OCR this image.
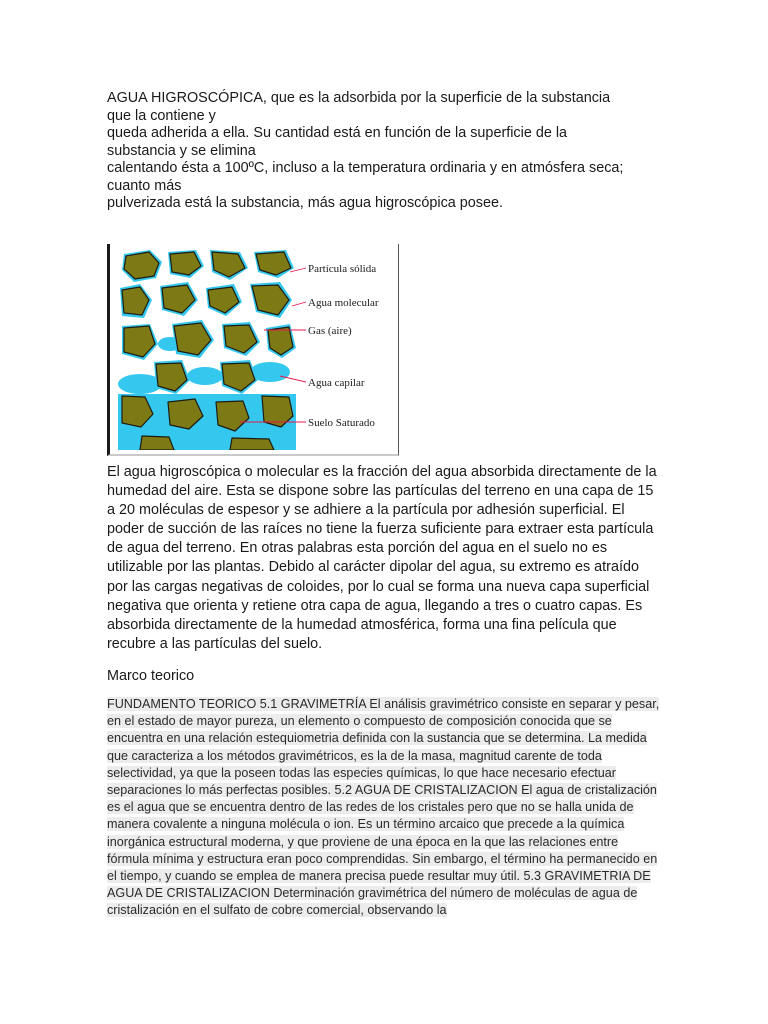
AGUA HIGROSCÓPICA, que es la adsorbida por la superficie de la substancia
que la contiene y
queda adherida a ella. Su cantidad está en función de la superficie de la
substancia y se elimina
calentando ésta a 100ºC, incluso a la temperatura ordinaria y en atmósfera seca;
cuanto más
pulverizada está la substancia, más agua higroscópica posee.

Partícula sólida
Agua molecular
Gas (aire)
Agua capilar
Suelo Saturado

El agua higroscópica o molecular es la fracción del agua absorbida directamente de la humedad del aire. Esta se dispone sobre las partículas del terreno en una capa de 15 a 20 moléculas de espesor y se adhiere a la partícula por adhesión superficial. El poder de succión de las raíces no tiene la fuerza suficiente para extraer esta partícula de agua del terreno. En otras palabras esta porción del agua en el suelo no es utilizable por las plantas. Debido al carácter dipolar del agua, su extremo es atraído por las cargas negativas de coloides, por lo cual se forma una nueva capa superficial negativa que orienta y retiene otra capa de agua, llegando a tres o cuatro capas. Es absorbida directamente de la humedad atmosférica, forma una fina película que recubre a las partículas del suelo.

Marco teorico

FUNDAMENTO TEORICO 5.1 GRAVIMETRÍA El análisis gravimétrico consiste en separar y pesar, en el estado de mayor pureza, un elemento o compuesto de composición conocida que se encuentra en una relación estequiometria definida con la sustancia que se determina. La medida que caracteriza a los métodos gravimétricos, es la de la masa, magnitud carente de toda selectividad, ya que la poseen todas las especies químicas, lo que hace necesario efectuar separaciones lo más perfectas posibles. 5.2 AGUA DE CRISTALIZACION El agua de cristalización es el agua que se encuentra dentro de las redes de los cristales pero que no se halla unida de manera covalente a ninguna molécula o ion. Es un término arcaico que precede a la química inorgánica estructural moderna, y que proviene de una época en la que las relaciones entre fórmula mínima y estructura eran poco comprendidas. Sin embargo, el término ha permanecido en el tiempo, y cuando se emplea de manera precisa puede resultar muy útil. 5.3 GRAVIMETRIA DE AGUA DE CRISTALIZACION Determinación gravimétrica del número de moléculas de agua de cristalización en el sulfato de cobre comercial, observando la
